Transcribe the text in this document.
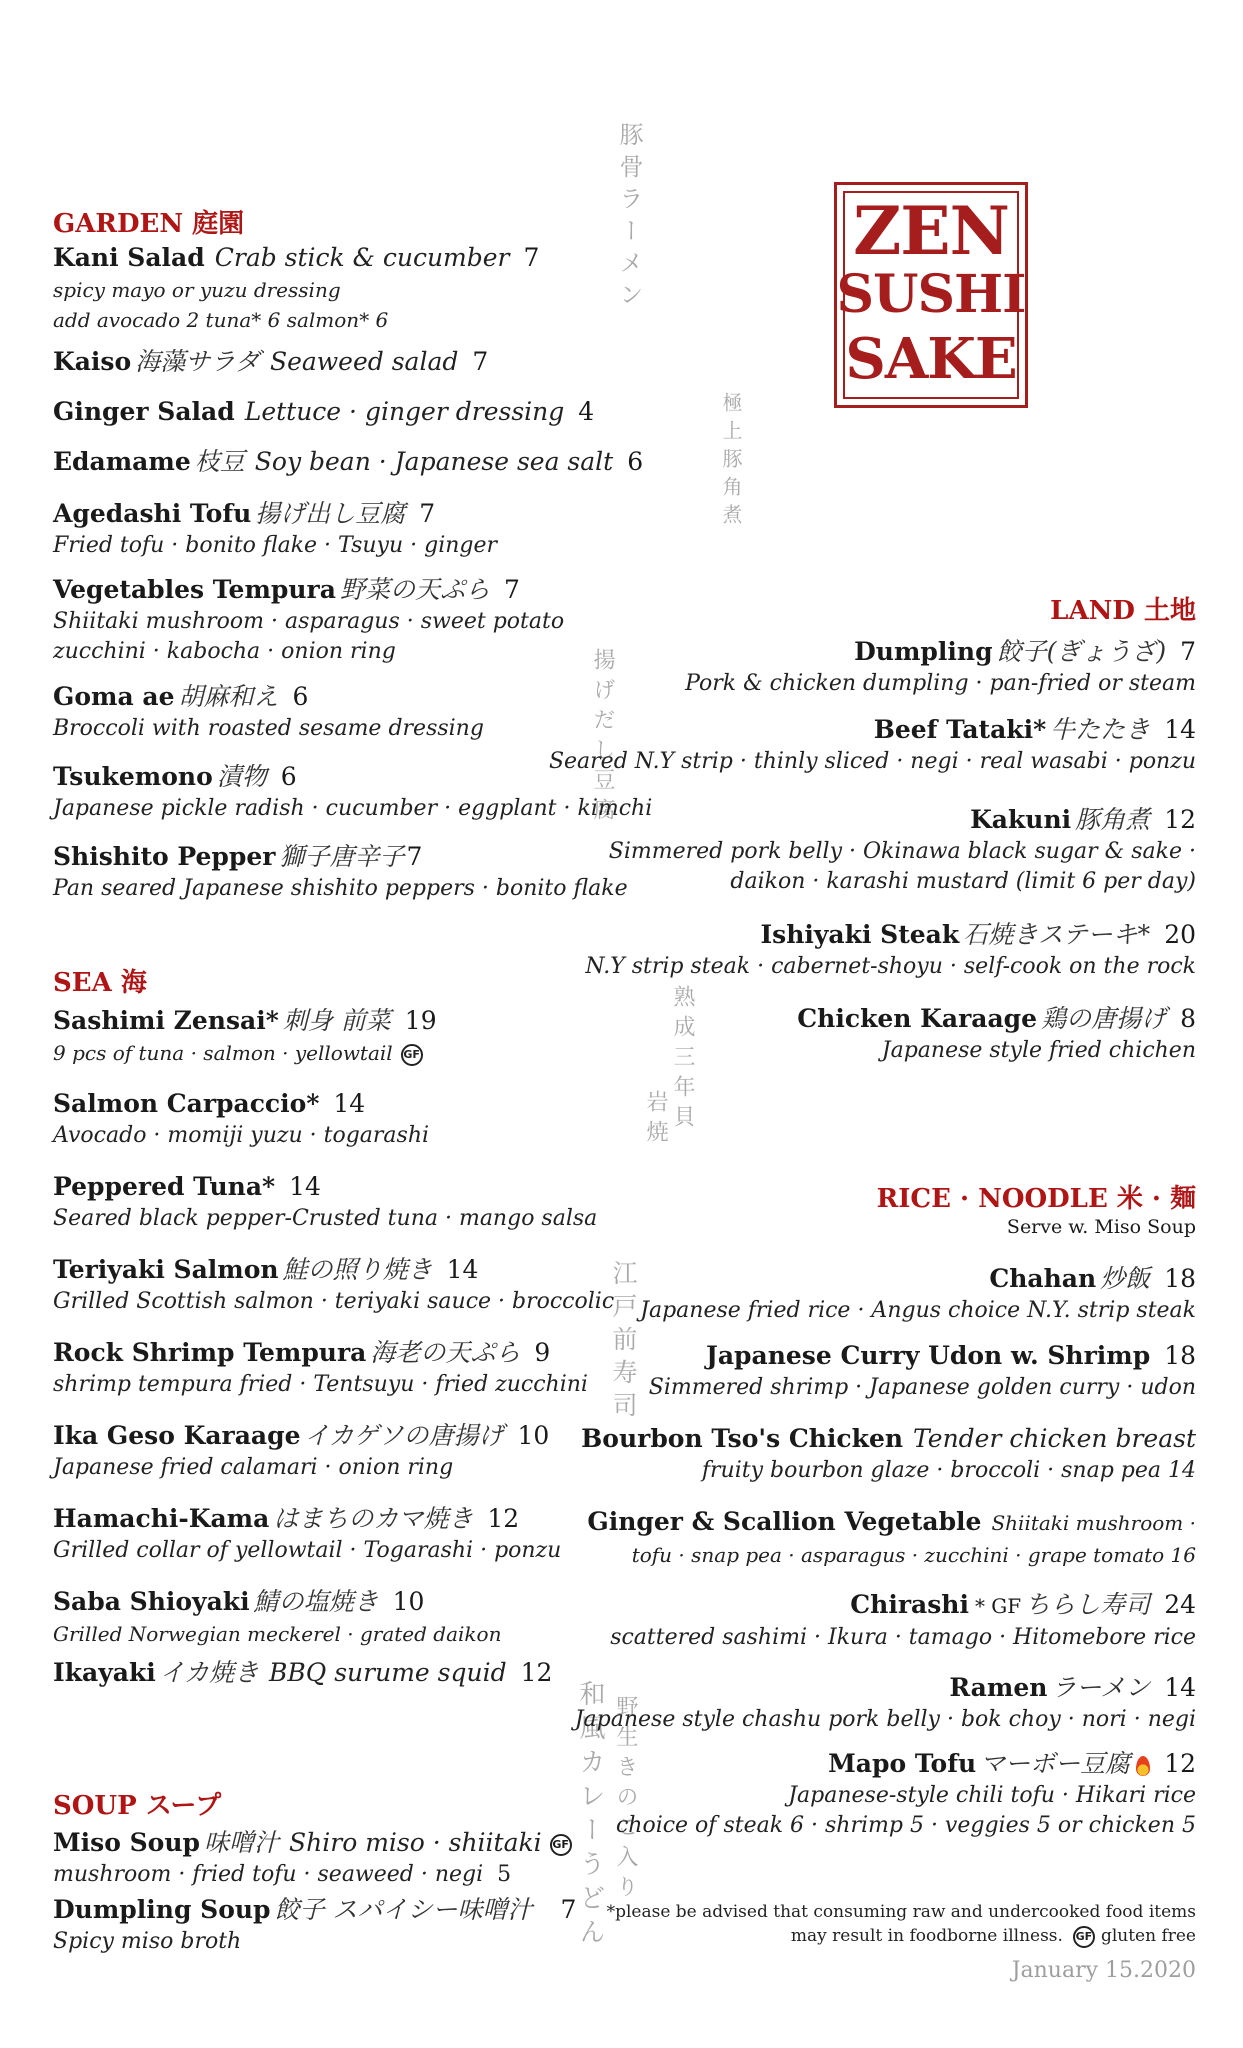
ZEN
SUSHI
SAKE
豚骨ラーメン
極上豚角煮
揚げだし豆腐
熟成三年貝
岩焼
江戸前寿司
和風カレーうどん 野生きのこ入り
GARDEN 庭園
Kani Salad Crab stick & cucumber 7
spicy mayo or yuzu dressing
add avocado 2 tuna* 6 salmon* 6
Kaiso 海藻サラダ Seaweed salad 7
Ginger Salad Lettuce · ginger dressing 4
Edamame 枝豆 Soy bean · Japanese sea salt 6
Agedashi Tofu 揚げ出し豆腐 7
Fried tofu · bonito flake · Tsuyu · ginger
Vegetables Tempura 野菜の天ぷら 7
Shiitaki mushroom · asparagus · sweet potato
zucchini · kabocha · onion ring
Goma ae 胡麻和え 6
Broccoli with roasted sesame dressing
Tsukemono 漬物 6
Japanese pickle radish · cucumber · eggplant · kimchi
Shishito Pepper 獅子唐辛子7
Pan seared Japanese shishito peppers · bonito flake
SEA 海
Sashimi Zensai* 刺身 前菜 19
9 pcs of tuna · salmon · yellowtail GF
Salmon Carpaccio* 14
Avocado · momiji yuzu · togarashi
Peppered Tuna* 14
Seared black pepper-Crusted tuna · mango salsa
Teriyaki Salmon 鮭の照り焼き 14
Grilled Scottish salmon · teriyaki sauce · broccolic
Rock Shrimp Tempura 海老の天ぷら 9
shrimp tempura fried · Tentsuyu · fried zucchini
Ika Geso Karaage イカゲソの唐揚げ 10
Japanese fried calamari · onion ring
Hamachi-Kama はまちのカマ焼き 12
Grilled collar of yellowtail · Togarashi · ponzu
Saba Shioyaki 鯖の塩焼き 10
Grilled Norwegian meckerel · grated daikon
Ikayaki イカ焼き BBQ surume squid 12
SOUP スープ
Miso Soup 味噌汁 Shiro miso · shiitaki GF
mushroom · fried tofu · seaweed · negi 5
Dumpling Soup 餃子 スパイシー味噌汁 7
Spicy miso broth
LAND 土地
Dumpling 餃子(ぎょうざ) 7
Pork & chicken dumpling · pan-fried or steam
Beef Tataki* 牛たたき 14
Seared N.Y strip · thinly sliced · negi · real wasabi · ponzu
Kakuni 豚角煮 12
Simmered pork belly · Okinawa black sugar & sake ·
daikon · karashi mustard (limit 6 per day)
Ishiyaki Steak 石焼きステーキ* 20
N.Y strip steak · cabernet-shoyu · self-cook on the rock
Chicken Karaage 鶏の唐揚げ 8
Japanese style fried chichen
RICE · NOODLE 米 · 麺
Serve w. Miso Soup
Chahan 炒飯 18
Japanese fried rice · Angus choice N.Y. strip steak
Japanese Curry Udon w. Shrimp 18
Simmered shrimp · Japanese golden curry · udon
Bourbon Tso's Chicken Tender chicken breast
fruity bourbon glaze · broccoli · snap pea 14
Ginger & Scallion Vegetable Shiitaki mushroom ·
tofu · snap pea · asparagus · zucchini · grape tomato 16
Chirashi * GF ちらし寿司 24
scattered sashimi · Ikura · tamago · Hitomebore rice
Ramen ラーメン 14
Japanese style chashu pork belly · bok choy · nori · negi
Mapo Tofu マーボー豆腐 12
Japanese-style chili tofu · Hikari rice
choice of steak 6 · shrimp 5 · veggies 5 or chicken 5
*please be advised that consuming raw and undercooked food items
may result in foodborne illness. GF gluten free
January 15.2020
